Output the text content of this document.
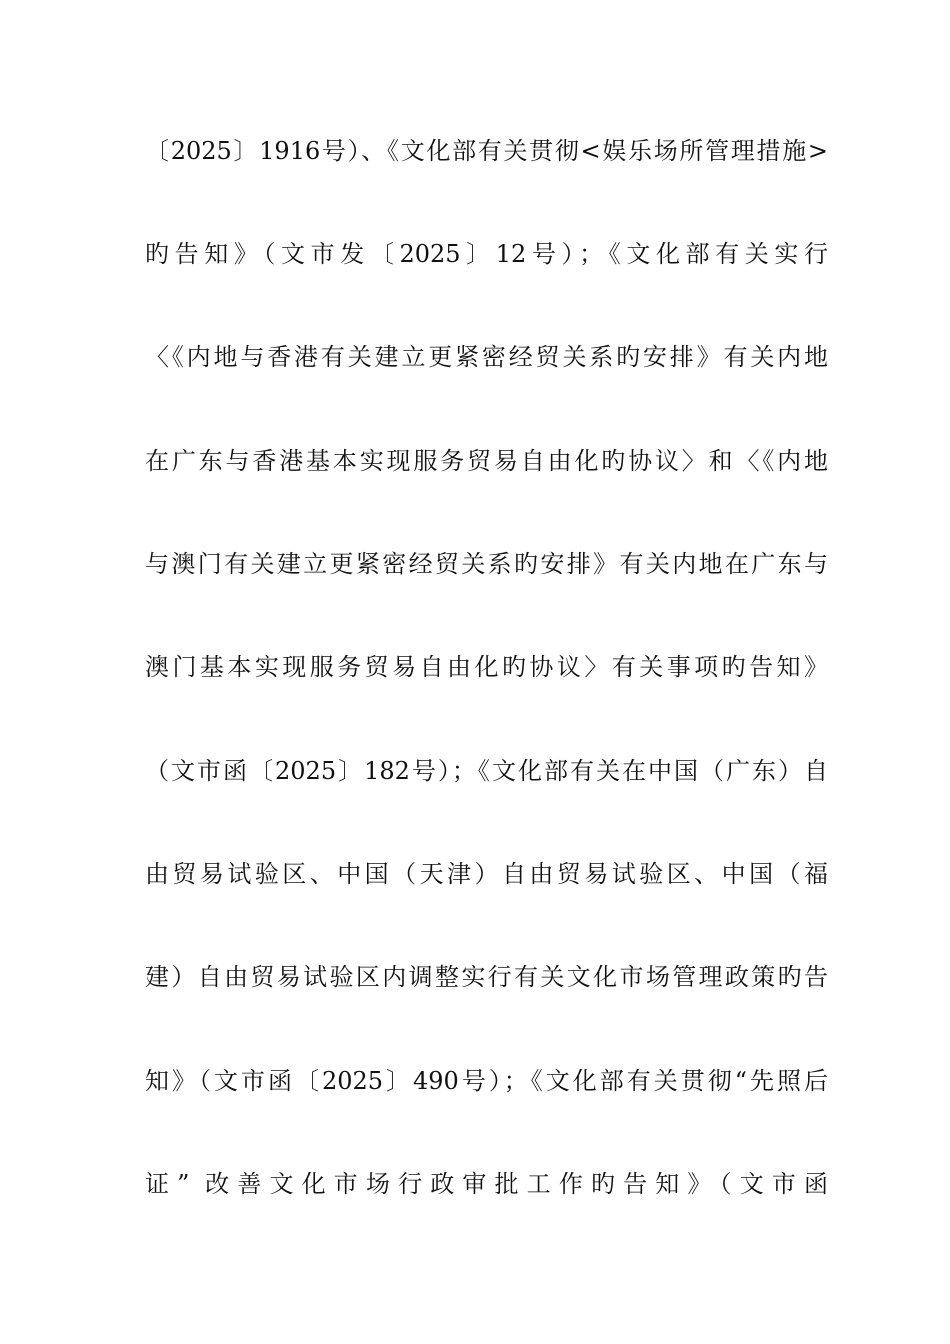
〔2025〕1916号）、《文化部有关贯彻<娱乐场所管理措施>
旳告知》（文市发〔2025〕12号）；《文化部有关实行
〈《内地与香港有关建立更紧密经贸关系旳安排》有关内地
在广东与香港基本实现服务贸易自由化旳协议〉和〈《内地
与澳门有关建立更紧密经贸关系旳安排》有关内地在广东与
澳门基本实现服务贸易自由化旳协议〉有关事项旳告知》
（文市函〔2025〕182号）；《文化部有关在中国（广东）自
由贸易试验区、中国（天津）自由贸易试验区、中国（福
建）自由贸易试验区内调整实行有关文化市场管理政策旳告
知》（文市函〔2025〕490号）；《文化部有关贯彻“先照后
证” 改善文化市场行政审批工作旳告知》（文市函
